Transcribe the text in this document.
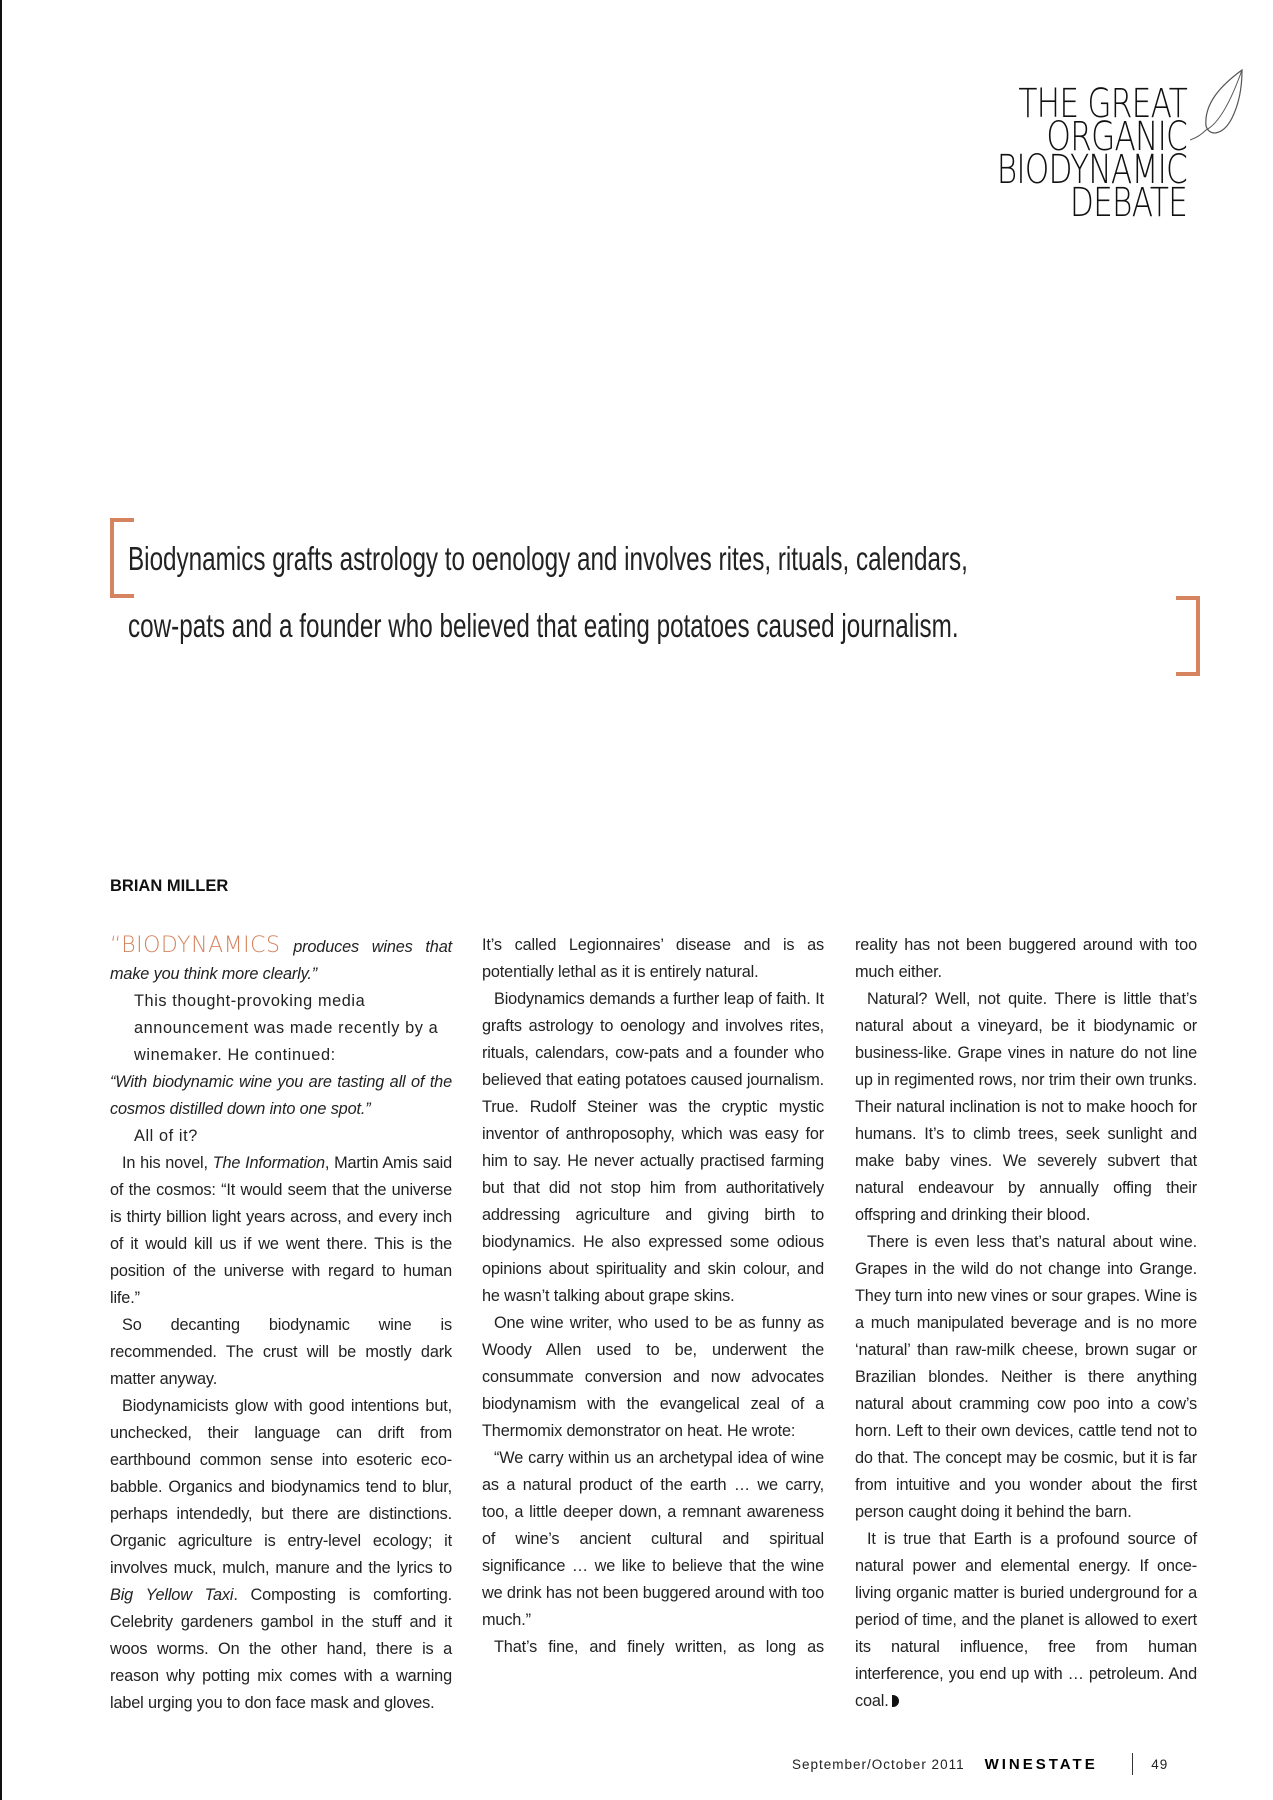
THE GREAT
ORGANIC
BIODYNAMIC
DEBATE
Biodynamics grafts astrology to oenology and involves rites, rituals, calendars,
cow-pats and a founder who believed that eating potatoes caused journalism.
BRIAN MILLER

“BIODYNAMICS produces wines that make you think more clearly.”

This thought-provoking media announcement was made recently by a winemaker. He continued:

“With biodynamic wine you are tasting all of the cosmos distilled down into one spot.”

All of it?

In his novel, The Information, Martin Amis said of the cosmos: “It would seem that the universe is thirty billion light years across, and every inch of it would kill us if we went there. This is the position of the universe with regard to human life.”

So decanting biodynamic wine is recommended. The crust will be mostly dark matter anyway.

Biodynamicists glow with good intentions but, unchecked, their language can drift from earthbound common sense into esoteric eco-babble. Organics and biodynamics tend to blur, perhaps intendedly, but there are distinctions. Organic agriculture is entry-level ecology; it involves muck, mulch, manure and the lyrics to Big Yellow Taxi. Composting is comforting. Celebrity gardeners gambol in the stuff and it woos worms. On the other hand, there is a reason why potting mix comes with a warning label urging you to don face mask and gloves.

It’s called Legionnaires’ disease and is as potentially lethal as it is entirely natural.

Biodynamics demands a further leap of faith. It grafts astrology to oenology and involves rites, rituals, calendars, cow-pats and a founder who believed that eating potatoes caused journalism. True. Rudolf Steiner was the cryptic mystic inventor of anthroposophy, which was easy for him to say. He never actually practised farming but that did not stop him from authoritatively addressing agriculture and giving birth to biodynamics. He also expressed some odious opinions about spirituality and skin colour, and he wasn’t talking about grape skins.

One wine writer, who used to be as funny as Woody Allen used to be, underwent the consummate conversion and now advocates biodynamism with the evangelical zeal of a Thermomix demonstrator on heat. He wrote:

“We carry within us an archetypal idea of wine as a natural product of the earth … we carry, too, a little deeper down, a remnant awareness of wine’s ancient cultural and spiritual significance … we like to believe that the wine we drink has not been buggered around with too much.”

That’s fine, and finely written, as long as

reality has not been buggered around with too much either.

Natural? Well, not quite. There is little that’s natural about a vineyard, be it biodynamic or business-like. Grape vines in nature do not line up in regimented rows, nor trim their own trunks. Their natural inclination is not to make hooch for humans. It’s to climb trees, seek sunlight and make baby vines. We severely subvert that natural endeavour by annually offing their offspring and drinking their blood.

There is even less that’s natural about wine. Grapes in the wild do not change into Grange. They turn into new vines or sour grapes. Wine is a much manipulated beverage and is no more ‘natural’ than raw-milk cheese, brown sugar or Brazilian blondes. Neither is there anything natural about cramming cow poo into a cow’s horn. Left to their own devices, cattle tend not to do that. The concept may be cosmic, but it is far from intuitive and you wonder about the first person caught doing it behind the barn.

It is true that Earth is a profound source of natural power and elemental energy. If once-living organic matter is buried underground for a period of time, and the planet is allowed to exert its natural influence, free from human interference, you end up with … petroleum. And coal.

September/October 2011 WINESTATE	49
